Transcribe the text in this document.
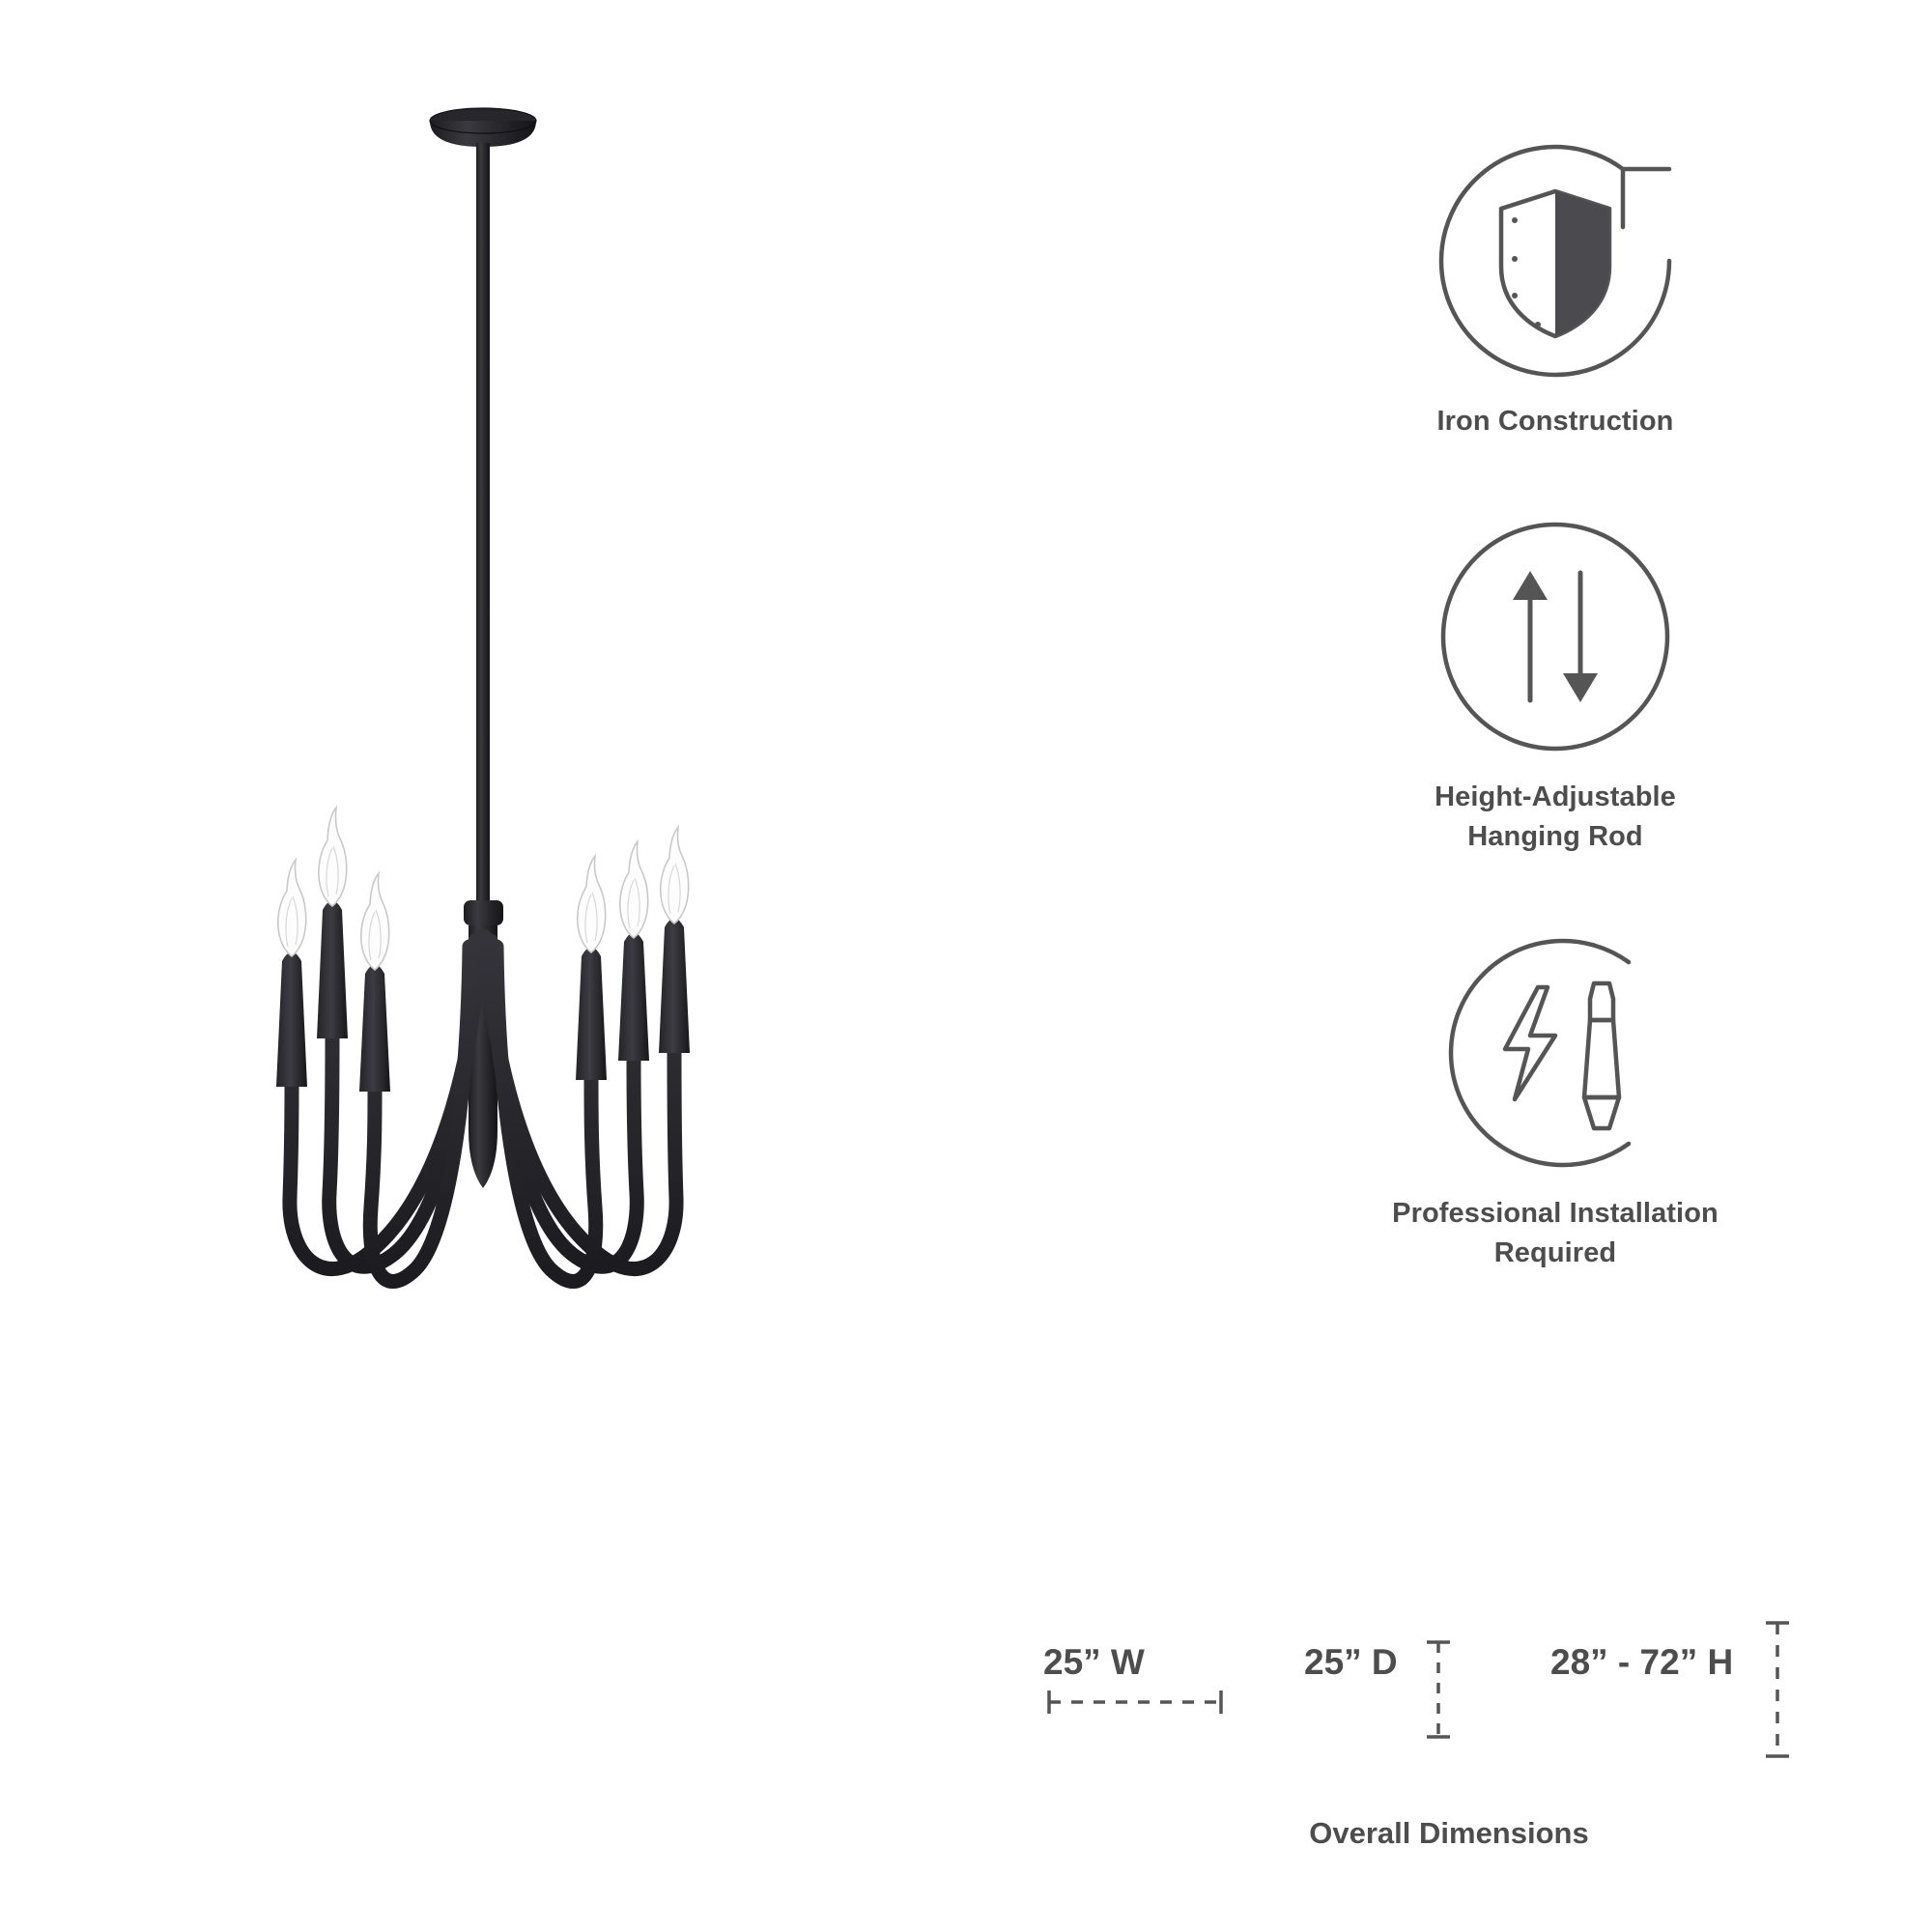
Iron Construction
Height-Adjustable
Hanging Rod
Professional Installation
Required
25” W	25” D	28” - 72” H
Overall Dimensions
